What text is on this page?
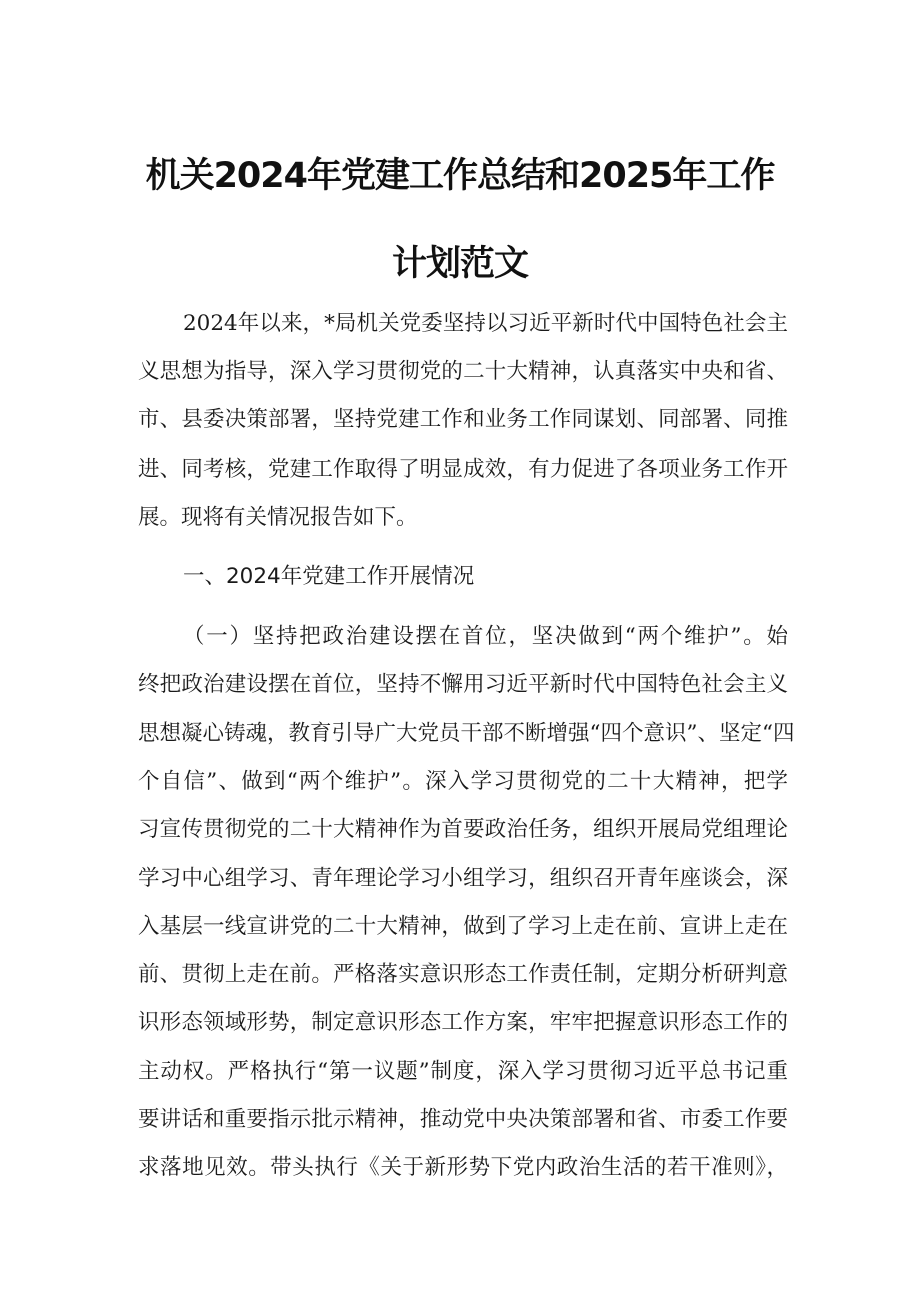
机关2024年党建工作总结和2025年工作
计划范文

2024年以来，*局机关党委坚持以习近平新时代中国特色社会主

义思想为指导，深入学习贯彻党的二十大精神，认真落实中央和省、

市、县委决策部署，坚持党建工作和业务工作同谋划、同部署、同推

进、同考核，党建工作取得了明显成效，有力促进了各项业务工作开

展。现将有关情况报告如下。

一、2024年党建工作开展情况

（一）坚持把政治建设摆在首位，坚决做到“两个维护”。始

终把政治建设摆在首位，坚持不懈用习近平新时代中国特色社会主义

思想凝心铸魂，教育引导广大党员干部不断增强“四个意识”、坚定“四

个自信”、做到“两个维护”。深入学习贯彻党的二十大精神，把学

习宣传贯彻党的二十大精神作为首要政治任务，组织开展局党组理论

学习中心组学习、青年理论学习小组学习，组织召开青年座谈会，深

入基层一线宣讲党的二十大精神，做到了学习上走在前、宣讲上走在

前、贯彻上走在前。严格落实意识形态工作责任制，定期分析研判意

识形态领域形势，制定意识形态工作方案，牢牢把握意识形态工作的

主动权。严格执行“第一议题”制度，深入学习贯彻习近平总书记重

要讲话和重要指示批示精神，推动党中央决策部署和省、市委工作要

求落地见效。带头执行《关于新形势下党内政治生活的若干准则》，
